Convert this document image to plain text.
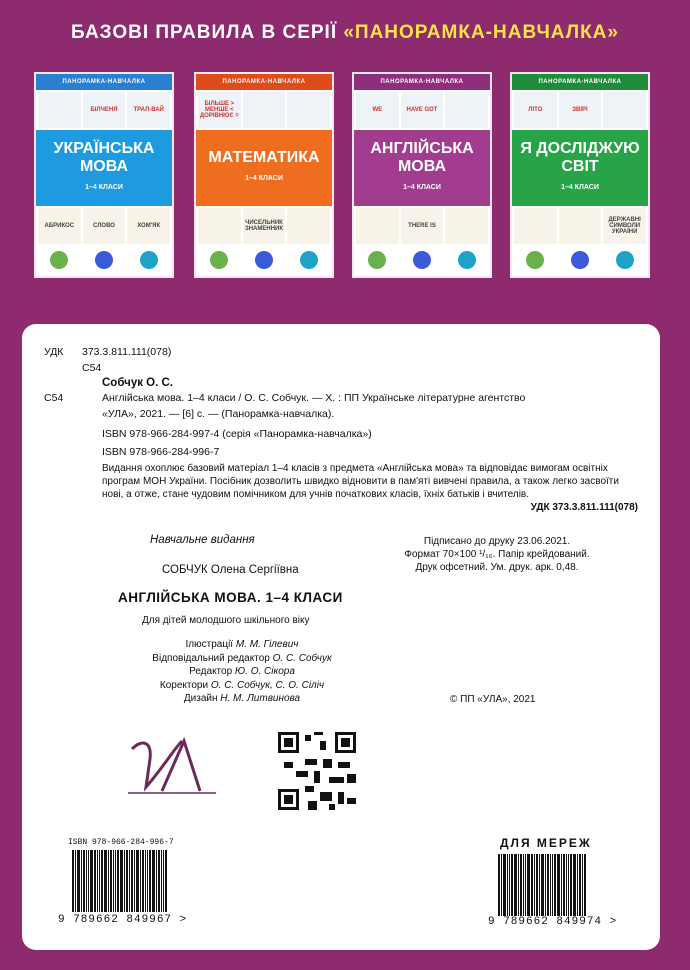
БАЗОВІ ПРАВИЛА В СЕРІЇ «ПАНОРАМКА-НАВЧАЛКА»
ПАНОРАМКА-НАВЧАЛКА
БІЛЧЕНЯ	ТРАЛ-ВАЙ
УКРАЇНСЬКА
МОВА
1–4 КЛАСИ
АБРИКОС	СЛОВО	ХОМ'ЯК
ПАНОРАМКА-НАВЧАЛКА
БІЛЬШЕ > МЕНШЕ < ДОРІВНЮЄ =
МАТЕМАТИКА
1–4 КЛАСИ
ЧИСЕЛЬНИК ЗНАМЕННИК
ПАНОРАМКА-НАВЧАЛКА
WE	HAVE GOT
АНГЛІЙСЬКА
МОВА
1–4 КЛАСИ
THERE IS
ПАНОРАМКА-НАВЧАЛКА
ЛІТО	ЗВІРІ
Я ДОСЛІДЖУЮ
СВІТ
1–4 КЛАСИ
ДЕРЖАВНІ СИМВОЛИ УКРАЇНИ
УДК 373.3.811.111(078)
С54
Собчук О. С.
С54	Англійська мова. 1–4 класи / О. С. Собчук. — Х. : ПП Українське літературне агентство
«УЛА», 2021. — [6] с. — (Панорамка-навчалка).
ISBN 978-966-284-997-4 (серія «Панорамка-навчалка»)
ISBN 978-966-284-996-7
Видання охоплює базовий матеріал 1–4 класів з предмета «Англійська мова» та відповідає вимогам освітніх
програм МОН України. Посібник дозволить швидко відновити в пам'яті вивчені правила, а також легко засвоїти
нові, а отже, стане чудовим помічником для учнів початкових класів, їхніх батьків і вчителів.
УДК 373.3.811.111(078)
Навчальне видання
СОБЧУК Олена Сергіївна
АНГЛІЙСЬКА МОВА. 1–4 КЛАСИ
Для дітей молодшого шкільного віку
Ілюстрації М. М. Гілевич
Відповідальний редактор О. С. Собчук
Редактор Ю. О. Сікора
Коректори О. С. Собчук, С. О. Сіліч
Дизайн Н. М. Литвинова
Підписано до друку 23.06.2021.
Формат 70×100 ¹/₁₆. Папір крейдований.
Друк офсетний. Ум. друк. арк. 0,48.
© ПП «УЛА», 2021
ISBN 978-966-284-996-7
9 789662 849967 >
ДЛЯ МЕРЕЖ
9 789662 849974 >
